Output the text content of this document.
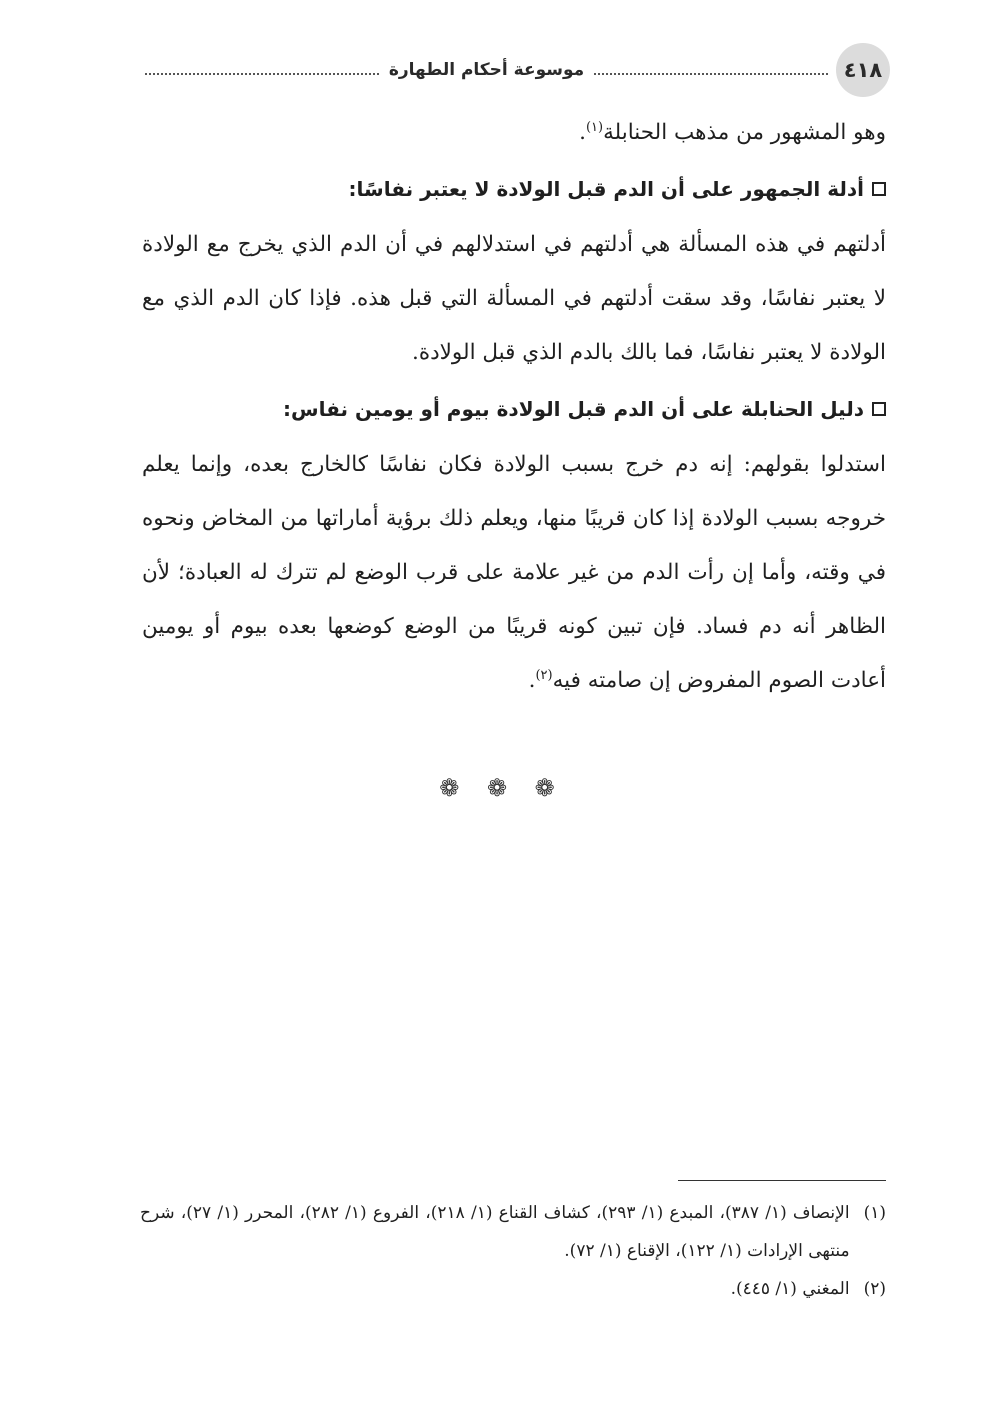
٤١٨
موسوعة أحكام الطهارة

وهو المشهور من مذهب الحنابلة$^{(١)}$.

أدلة الجمهور على أن الدم قبل الولادة لا يعتبر نفاسًا:

أدلتهم في هذه المسألة هي أدلتهم في استدلالهم في أن الدم الذي يخرج مع الولادة لا يعتبر نفاسًا، وقد سقت أدلتهم في المسألة التي قبل هذه. فإذا كان الدم الذي مع الولادة لا يعتبر نفاسًا، فما بالك بالدم الذي قبل الولادة.

دليل الحنابلة على أن الدم قبل الولادة بيوم أو يومين نفاس:

استدلوا بقولهم: إنه دم خرج بسبب الولادة فكان نفاسًا كالخارج بعده، وإنما يعلم خروجه بسبب الولادة إذا كان قريبًا منها، ويعلم ذلك برؤية أماراتها من المخاض ونحوه في وقته، وأما إن رأت الدم من غير علامة على قرب الوضع لم تترك له العبادة؛ لأن الظاهر أنه دم فساد. فإن تبين كونه قريبًا من الوضع كوضعها بعده بيوم أو يومين أعادت الصوم المفروض إن صامته فيه$^{(٢)}$.

❁ ❁ ❁

(١)
الإنصاف (١/ ٣٨٧)، المبدع (١/ ٢٩٣)، كشاف القناع (١/ ٢١٨)، الفروع (١/ ٢٨٢)، المحرر (١/ ٢٧)، شرح منتهى الإرادات (١/ ١٢٢)، الإقناع (١/ ٧٢).

(٢)
المغني (١/ ٤٤٥).
